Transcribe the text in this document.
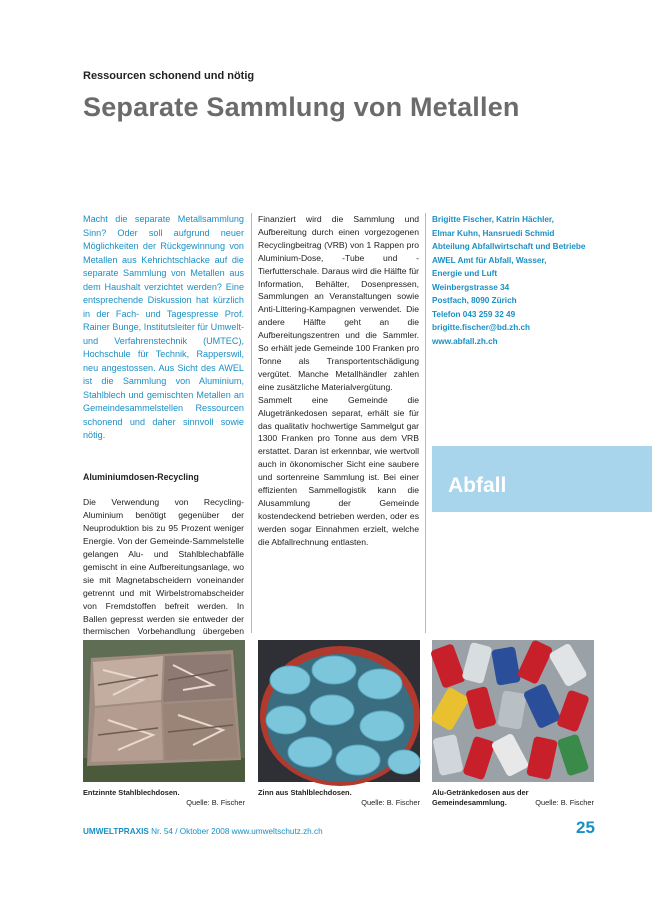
Ressourcen schonend und nötig
Separate Sammlung von Metallen

Macht die separate Metallsammlung Sinn? Oder soll aufgrund neuer Möglichkeiten der Rückgewinnung von Metallen aus Kehrichtschlacke auf die separate Sammlung von Metallen aus dem Haushalt verzichtet werden? Eine entsprechende Diskussion hat kürzlich in der Fach- und Tagespresse Prof. Rainer Bunge, Institutsleiter für Umwelt- und Verfahrenstechnik (UMTEC), Hochschule für Technik, Rapperswil, neu angestossen. Aus Sicht des AWEL ist die Sammlung von Aluminium, Stahlblech und gemischten Metallen an Gemeindesammelstellen Ressourcen schonend und daher sinnvoll sowie nötig.

Aluminiumdosen-Recycling

Die Verwendung von Recycling-Aluminium benötigt gegenüber der Neuproduktion bis zu 95 Prozent weniger Energie. Von der Gemeinde-Sammelstelle gelangen Alu- und Stahlblechabfälle gemischt in eine Aufbereitungsanlage, wo sie mit Magnetabscheidern voneinander getrennt und mit Wirbelstromabscheider von Fremdstoffen befreit werden. In Ballen gepresst werden sie entweder der thermischen Vorbehandlung übergeben

Finanziert wird die Sammlung und Aufbereitung durch einen vorgezogenen Recyclingbeitrag (VRB) von 1 Rappen pro Aluminium-Dose, -Tube und -Tierfutterschale. Daraus wird die Hälfte für Information, Behälter, Dosenpressen, Sammlungen an Veranstaltungen sowie Anti-Littering-Kampagnen verwendet. Die andere Hälfte geht an die Aufbereitungszentren und die Sammler. So erhält jede Gemeinde 100 Franken pro Tonne als Transportentschädigung vergütet. Manche Metallhändler zahlen eine zusätzliche Materialvergütung.

Sammelt eine Gemeinde die Alugetränkedosen separat, erhält sie für das qualitativ hochwertige Sammelgut gar 1300 Franken pro Tonne aus dem VRB erstattet. Daran ist erkennbar, wie wertvoll auch in ökonomischer Sicht eine saubere und sortenreine Sammlung ist. Bei einer effizienten Sammellogistik kann die Alusammlung der Gemeinde kostendeckend betrieben werden, oder es werden sogar Einnahmen erzielt, welche die Abfallrechnung entlasten.

Brigitte Fischer, Katrin Hächler,
Elmar Kuhn, Hansruedi Schmid
Abteilung Abfallwirtschaft und Betriebe
AWEL Amt für Abfall, Wasser,
Energie und Luft
Weinbergstrasse 34
Postfach, 8090 Zürich
Telefon 043 259 32 49
brigitte.fischer@bd.zh.ch
www.abfall.zh.ch
Abfall
Entzinnte Stahlblechdosen.
Quelle: B. Fischer
Zinn aus Stahlblechdosen.
Quelle: B. Fischer
Alu-Getränkedosen aus der Gemeindesammlung.	Quelle: B. Fischer
UMWELTPRAXIS Nr. 54 / Oktober 2008 www.umweltschutz.zh.ch	25
